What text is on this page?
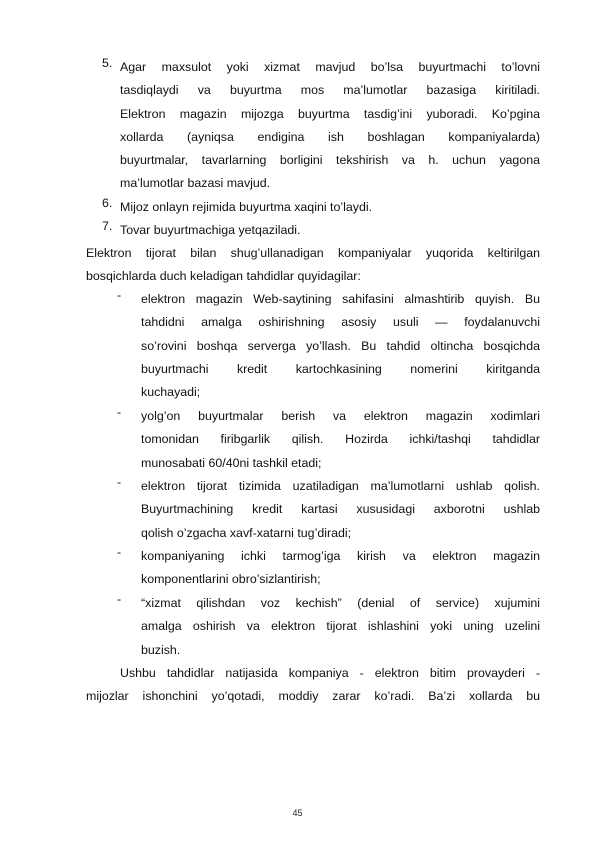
5. Agar maxsulot yoki xizmat mavjud bo’lsa buyurtmachi to’lovni
tasdiqlaydi va buyurtma mos ma’lumotlar bazasiga kiritiladi.
Elektron magazin mijozga buyurtma tasdig’ini yuboradi. Ko’pgina
xollarda (ayniqsa endigina ish boshlagan kompaniyalarda)
buyurtmalar, tavarlarning borligini tekshirish va h. uchun yagona
ma’lumotlar bazasi mavjud.
6. Mijoz onlayn rejimida buyurtma xaqini to’laydi.
7. Tovar buyurtmachiga yetqaziladi.
Elektron tijorat bilan shug’ullanadigan kompaniyalar yuqorida keltirilgan
bosqichlarda duch keladigan tahdidlar quyidagilar:
- elektron magazin Web-saytining sahifasini almashtirib quyish. Bu
tahdidni amalga oshirishning asosiy usuli — foydalanuvchi
so’rovini boshqa serverga yo’llash. Bu tahdid oltincha bosqichda
buyurtmachi kredit kartochkasining nomerini kiritganda
kuchayadi;
- yolg’on buyurtmalar berish va elektron magazin xodimlari
tomonidan firibgarlik qilish. Hozirda ichki/tashqi tahdidlar
munosabati 60/40ni tashkil etadi;
- elektron tijorat tizimida uzatiladigan ma’lumotlarni ushlab qolish.
Buyurtmachining kredit kartasi xususidagi axborotni ushlab
qolish o’zgacha xavf-xatarni tug’diradi;
- kompaniyaning ichki tarmog’iga kirish va elektron magazin
komponentlarini obro’sizlantirish;
- “xizmat qilishdan voz kechish” (denial of service) xujumini
amalga oshirish va elektron tijorat ishlashini yoki uning uzelini
buzish.
Ushbu tahdidlar natijasida kompaniya - elektron bitim provayderi -
mijozlar ishonchini yo’qotadi, moddiy zarar ko’radi. Ba’zi xollarda bu
45
